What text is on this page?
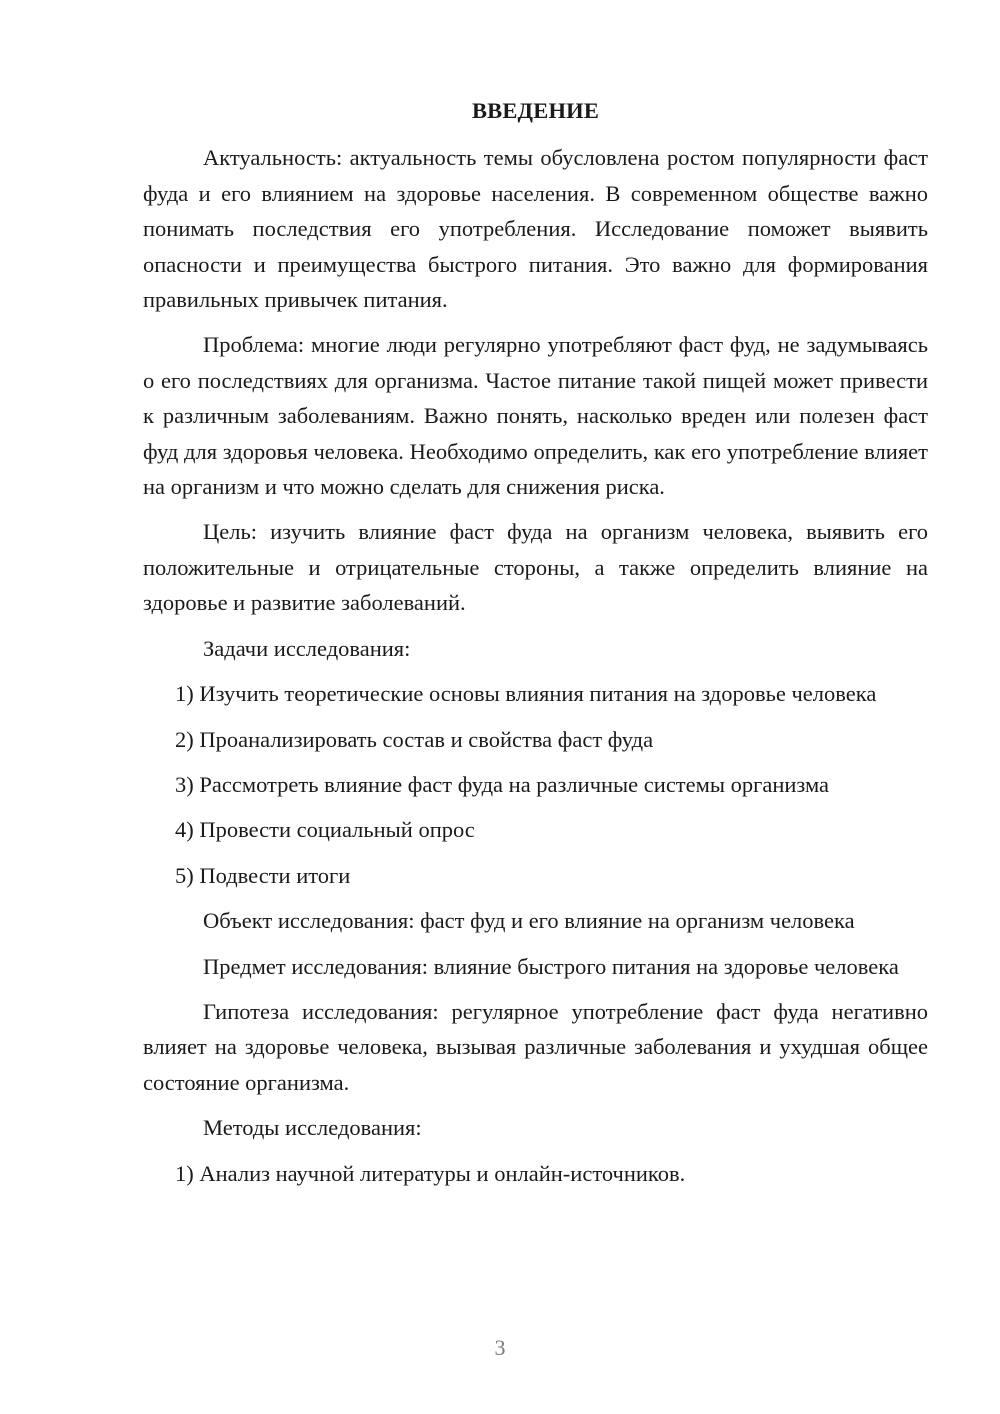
ВВЕДЕНИЕ

Актуальность: актуальность темы обусловлена ростом популярности фаст фуда и его влиянием на здоровье населения. В современном обществе важно понимать последствия его употребления. Исследование поможет выявить опасности и преимущества быстрого питания. Это важно для формирования правильных привычек питания.

Проблема: многие люди регулярно употребляют фаст фуд, не задумываясь о его последствиях для организма. Частое питание такой пищей может привести к различным заболеваниям. Важно понять, насколько вреден или полезен фаст фуд для здоровья человека. Необходимо определить, как его употребление влияет на организм и что можно сделать для снижения риска.

Цель: изучить влияние фаст фуда на организм человека, выявить его положительные и отрицательные стороны, а также определить влияние на здоровье и развитие заболеваний.

Задачи исследования:

1) Изучить теоретические основы влияния питания на здоровье человека

2) Проанализировать состав и свойства фаст фуда

3) Рассмотреть влияние фаст фуда на различные системы организма

4) Провести социальный опрос

5) Подвести итоги

Объект исследования: фаст фуд и его влияние на организм человека

Предмет исследования: влияние быстрого питания на здоровье человека

Гипотеза исследования: регулярное употребление фаст фуда негативно влияет на здоровье человека, вызывая различные заболевания и ухудшая общее состояние организма.

Методы исследования:

1) Анализ научной литературы и онлайн-источников.

3
